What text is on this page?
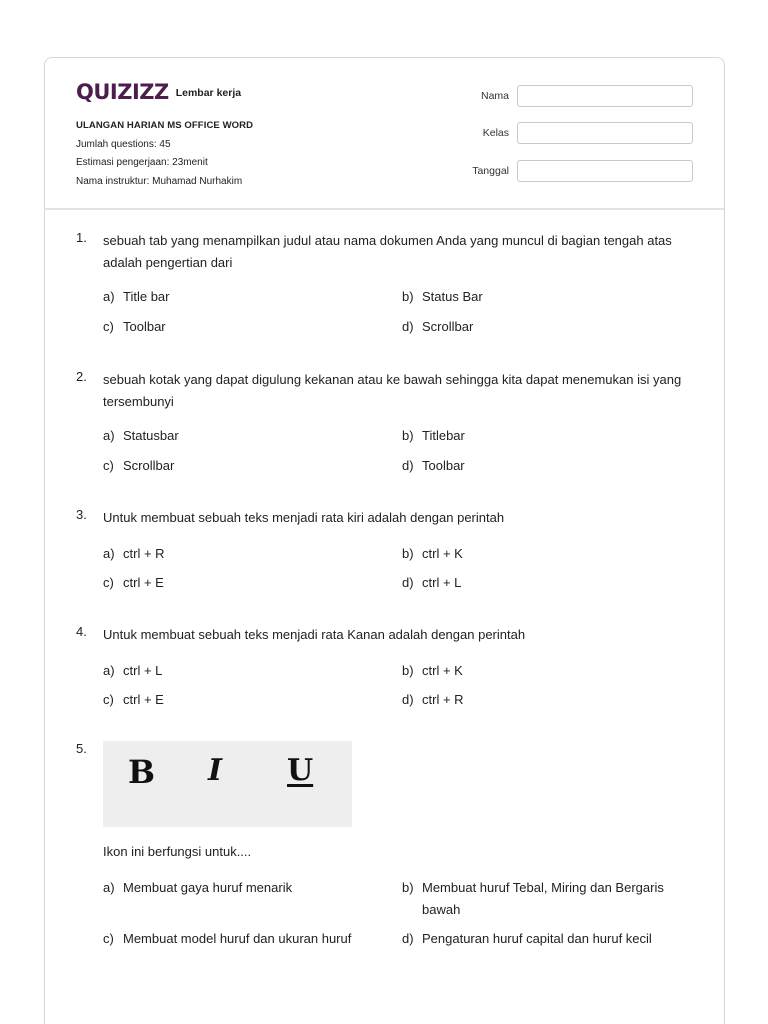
QUIZIZZ Lembar kerja
ULANGAN HARIAN MS OFFICE WORD
Jumlah questions: 45
Estimasi pengerjaan: 23menit
Nama instruktur: Muhamad Nurhakim
Nama
Kelas
Tanggal
1. sebuah tab yang menampilkan judul atau nama dokumen Anda yang muncul di bagian tengah atas adalah pengertian dari
a) Title bar	b) Status Bar
c) Toolbar	d) Scrollbar
2. sebuah kotak yang dapat digulung kekanan atau ke bawah sehingga kita dapat menemukan isi yang tersembunyi
a) Statusbar	b) Titlebar
c) Scrollbar	d) Toolbar
3. Untuk membuat sebuah teks menjadi rata kiri adalah dengan perintah
a) ctrl + R	b) ctrl + K
c) ctrl + E	d) ctrl + L
4. Untuk membuat sebuah teks menjadi rata Kanan adalah dengan perintah
a) ctrl + L	b) ctrl + K
c) ctrl + E	d) ctrl + R
5.
B I U
Ikon ini berfungsi untuk....
a) Membuat gaya huruf menarik	b) Membuat huruf Tebal, Miring dan Bergaris bawah
c) Membuat model huruf dan ukuran huruf	d) Pengaturan huruf capital dan huruf kecil
